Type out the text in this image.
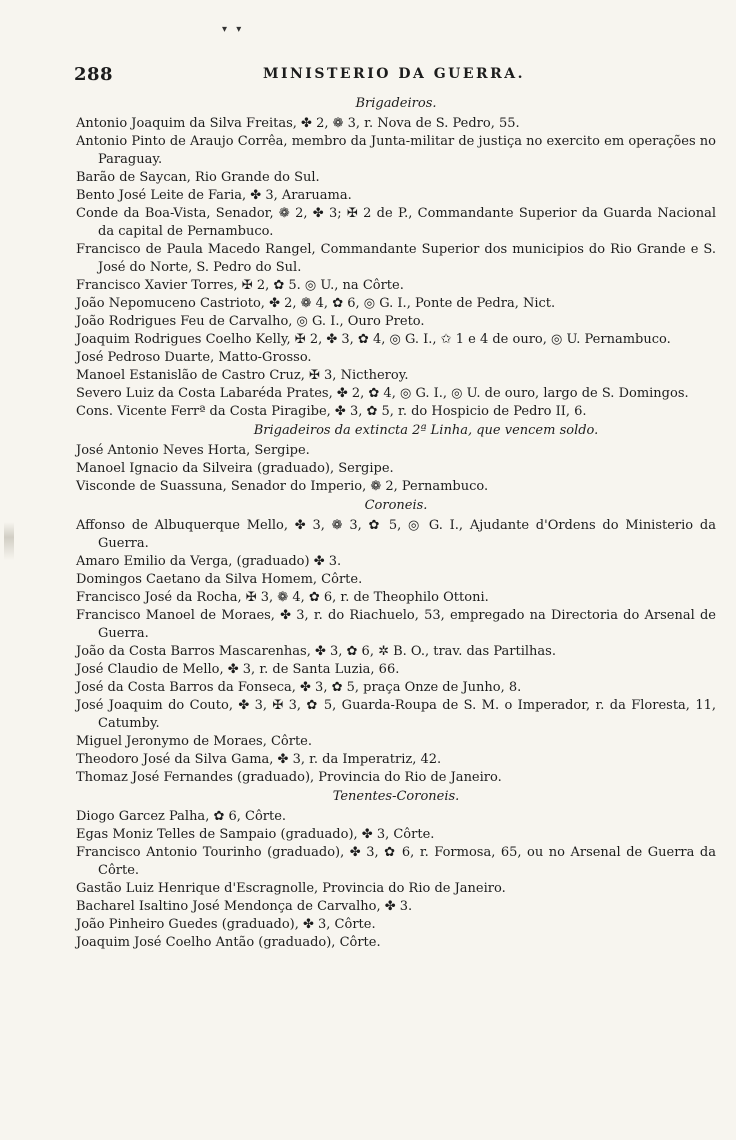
▾ ▾
288	MINISTERIO DA GUERRA.
Brigadeiros.

Antonio Joaquim da Silva Freitas, ✤ 2, ❁ 3, r. Nova de S. Pedro, 55.

Antonio Pinto de Araujo Corrêa, membro da Junta-militar de justiça no exercito em operações no Paraguay.

Barão de Saycan, Rio Grande do Sul.

Bento José Leite de Faria, ✤ 3, Araruama.

Conde da Boa-Vista, Senador, ❁ 2, ✤ 3; ✠ 2 de P., Commandante Superior da Guarda Nacional da capital de Pernambuco.

Francisco de Paula Macedo Rangel, Commandante Superior dos municipios do Rio Grande e S. José do Norte, S. Pedro do Sul.

Francisco Xavier Torres, ✠ 2, ✿ 5. ◎ U., na Côrte.

João Nepomuceno Castrioto, ✤ 2, ❁ 4, ✿ 6, ◎ G. I., Ponte de Pedra, Nict.

João Rodrigues Feu de Carvalho, ◎ G. I., Ouro Preto.

Joaquim Rodrigues Coelho Kelly, ✠ 2, ✤ 3, ✿ 4, ◎ G. I., ✩ 1 e 4 de ouro, ◎ U. Pernambuco.

José Pedroso Duarte, Matto-Grosso.

Manoel Estanislão de Castro Cruz, ✠ 3, Nictheroy.

Severo Luiz da Costa Labaréda Prates, ✤ 2, ✿ 4, ◎ G. I., ◎ U. de ouro, largo de S. Domingos.

Cons. Vicente Ferrª da Costa Piragibe, ✤ 3, ✿ 5, r. do Hospicio de Pedro II, 6.

Brigadeiros da extincta 2ª Linha, que vencem soldo.

José Antonio Neves Horta, Sergipe.

Manoel Ignacio da Silveira (graduado), Sergipe.

Visconde de Suassuna, Senador do Imperio, ❁ 2, Pernambuco.

Coroneis.

Affonso de Albuquerque Mello, ✤ 3, ❁ 3, ✿ 5, ◎ G. I., Ajudante d'Ordens do Ministerio da Guerra.

Amaro Emilio da Verga, (graduado) ✤ 3.

Domingos Caetano da Silva Homem, Côrte.

Francisco José da Rocha, ✠ 3, ❁ 4, ✿ 6, r. de Theophilo Ottoni.

Francisco Manoel de Moraes, ✤ 3, r. do Riachuelo, 53, empregado na Directoria do Arsenal de Guerra.

João da Costa Barros Mascarenhas, ✤ 3, ✿ 6, ✲ B. O., trav. das Partilhas.

José Claudio de Mello, ✤ 3, r. de Santa Luzia, 66.

José da Costa Barros da Fonseca, ✤ 3, ✿ 5, praça Onze de Junho, 8.

José Joaquim do Couto, ✤ 3, ✠ 3, ✿ 5, Guarda-Roupa de S. M. o Imperador, r. da Floresta, 11, Catumby.

Miguel Jeronymo de Moraes, Côrte.

Theodoro José da Silva Gama, ✤ 3, r. da Imperatriz, 42.

Thomaz José Fernandes (graduado), Provincia do Rio de Janeiro.

Tenentes-Coroneis.

Diogo Garcez Palha, ✿ 6, Côrte.

Egas Moniz Telles de Sampaio (graduado), ✤ 3, Côrte.

Francisco Antonio Tourinho (graduado), ✤ 3, ✿ 6, r. Formosa, 65, ou no Arsenal de Guerra da Côrte.

Gastão Luiz Henrique d'Escragnolle, Provincia do Rio de Janeiro.

Bacharel Isaltino José Mendonça de Carvalho, ✤ 3.

João Pinheiro Guedes (graduado), ✤ 3, Côrte.

Joaquim José Coelho Antão (graduado), Côrte.
